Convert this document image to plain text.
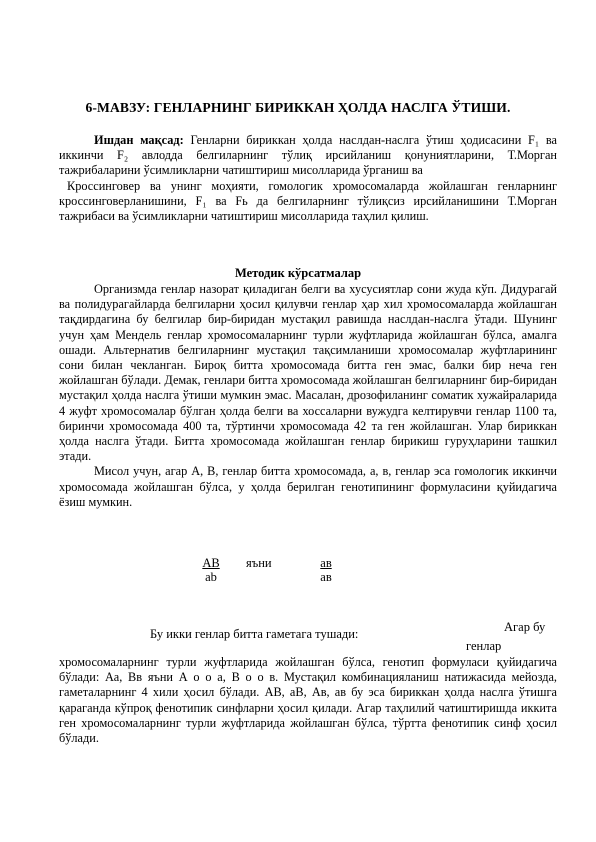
6-МАВЗУ: ГЕНЛАРНИНГ БИРИККАН ҲОЛДА НАСЛГА ЎТИШИ.

Ишдан мақсад: Генларни бириккан ҳолда наслдан-наслга ўтиш ҳодисасини F₁ ва иккинчи F₂ авлодда белгиларнинг тўлиқ ирсийланиш қонуниятларини, Т.Морган тажрибаларини ўсимликларни чатиштириш мисолларида ўрганиш ва

Кроссинговер ва унинг моҳияти, гомологик хромосомаларда жойлашган генларнинг кроссинговерланишини, F₁ ва Fь да белгиларнинг тўлиқсиз ирсийланишини Т.Морган тажрибаси ва ўсимликларни чатиштириш мисолларида таҳлил қилиш.

Методик кўрсатмалар

Организмда генлар назорат қиладиган белги ва хусусиятлар сони жуда кўп. Дидурагай ва полидурагайларда белгиларни ҳосил қилувчи генлар ҳар хил хромосомаларда жойлашган тақдирдагина бу белгилар бир-биридан мустақил равишда наслдан-наслга ўтади. Шунинг учун ҳам Мендель генлар хромосомаларнинг турли жуфтларида жойлашган бўлса, амалга ошади. Альтернатив белгиларнинг мустақил тақсимланиши хромосомалар жуфтларининг сони билан чекланган. Бироқ битта хромосомада битта ген эмас, балки бир неча ген жойлашган бўлади. Демак, генлари битта хромосомада жойлашган белгиларнинг бир-биридан мустақил ҳолда наслга ўтиши мумкин эмас. Масалан, дрозофиланинг соматик хужайраларида 4 жуфт хромосомалар бўлган ҳолда белги ва хоссаларни вужудга келтирувчи генлар 1100 та, биринчи хромосомада 400 та, тўртинчи хромосомада 42 та ген жойлашган. Улар бириккан ҳолда наслга ўтади. Битта хромосомада жойлашган генлар бирикиш гуруҳларини ташкил этади.

Мисол учун, агар А, В, генлар битта хромосомада, а, в, генлар эса гомологик иккинчи хромосомада жойлашган бўлса, у ҳолда берилган генотипининг формуласини қуйидагича ёзиш мумкин.

АВ
ab
яъни	ав
ав
Бу икки генлар битта гаметага тушади:	Агар бу
генлар

хромосомаларнинг турли жуфтларида жойлашган бўлса, генотип формуласи қуйидагича бўлади: Аа, Вв яъни А о о а, В о о в. Мустақил комбинацияланиш натижасида мейозда, гаметаларнинг 4 хили ҳосил бўлади. АВ, аВ, Ав, ав бу эса бириккан ҳолда наслга ўтишга қараганда кўпроқ фенотипик синфларни ҳосил қилади. Агар таҳлилий чатиштиришда иккита ген хромосомаларнинг турли жуфтларида жойлашган бўлса, тўртта фенотипик синф ҳосил бўлади.
